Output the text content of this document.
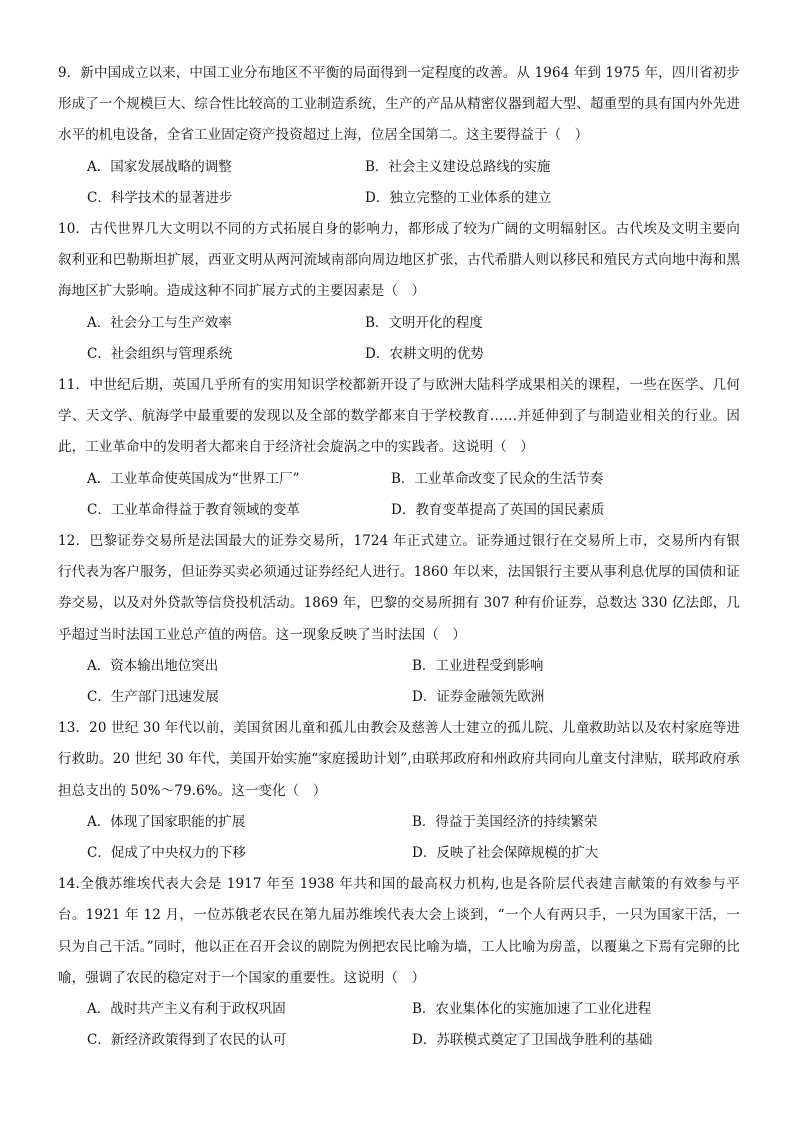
9．新中国成立以来，中国工业分布地区不平衡的局面得到一定程度的改善。从 1964 年到 1975 年，四川省初步形成了一个规模巨大、综合性比较高的工业制造系统，生产的产品从精密仪器到超大型、超重型的具有国内外先进水平的机电设备，全省工业固定资产投资超过上海，位居全国第二。这主要得益于（　）

A．国家发展战略的调整	B．社会主义建设总路线的实施
C．科学技术的显著进步	D．独立完整的工业体系的建立

10．古代世界几大文明以不同的方式拓展自身的影响力，都形成了较为广阔的文明辐射区。古代埃及文明主要向叙利亚和巴勒斯坦扩展，西亚文明从两河流域南部向周边地区扩张，古代希腊人则以移民和殖民方式向地中海和黑海地区扩大影响。造成这种不同扩展方式的主要因素是（　）

A．社会分工与生产效率	B．文明开化的程度
C．社会组织与管理系统	D．农耕文明的优势

11．中世纪后期，英国几乎所有的实用知识学校都新开设了与欧洲大陆科学成果相关的课程，一些在医学、几何学、天文学、航海学中最重要的发现以及全部的数学都来自于学校教育……并延伸到了与制造业相关的行业。因此，工业革命中的发明者大都来自于经济社会旋涡之中的实践者。这说明（　）

A．工业革命使英国成为“世界工厂”	B．工业革命改变了民众的生活节奏
C．工业革命得益于教育领域的变革	D．教育变革提高了英国的国民素质

12．巴黎证券交易所是法国最大的证券交易所，1724 年正式建立。证券通过银行在交易所上市，交易所内有银行代表为客户服务，但证券买卖必须通过证券经纪人进行。1860 年以来，法国银行主要从事利息优厚的国债和证券交易，以及对外贷款等信贷投机活动。1869 年，巴黎的交易所拥有 307 种有价证券，总数达 330 亿法郎，几乎超过当时法国工业总产值的两倍。这一现象反映了当时法国（　）

A．资本输出地位突出	B．工业进程受到影响
C．生产部门迅速发展	D．证券金融领先欧洲

13．20 世纪 30 年代以前，美国贫困儿童和孤儿由教会及慈善人士建立的孤儿院、儿童救助站以及农村家庭等进行救助。20 世纪 30 年代，美国开始实施“家庭援助计划”,由联邦政府和州政府共同向儿童支付津贴，联邦政府承担总支出的 50%～79.6%。这一变化（　）

A．体现了国家职能的扩展	B．得益于美国经济的持续繁荣
C．促成了中央权力的下移	D．反映了社会保障规模的扩大

14.全俄苏维埃代表大会是 1917 年至 1938 年共和国的最高权力机构,也是各阶层代表建言献策的有效参与平台。1921 年 12 月，一位苏俄老农民在第九届苏维埃代表大会上谈到，“一个人有两只手，一只为国家干活，一只为自己干活。”同时，他以正在召开会议的剧院为例把农民比喻为墙，工人比喻为房盖，以覆巢之下焉有完卵的比喻，强调了农民的稳定对于一个国家的重要性。这说明（　）

A．战时共产主义有利于政权巩固	B．农业集体化的实施加速了工业化进程
C．新经济政策得到了农民的认可	D．苏联模式奠定了卫国战争胜利的基础
